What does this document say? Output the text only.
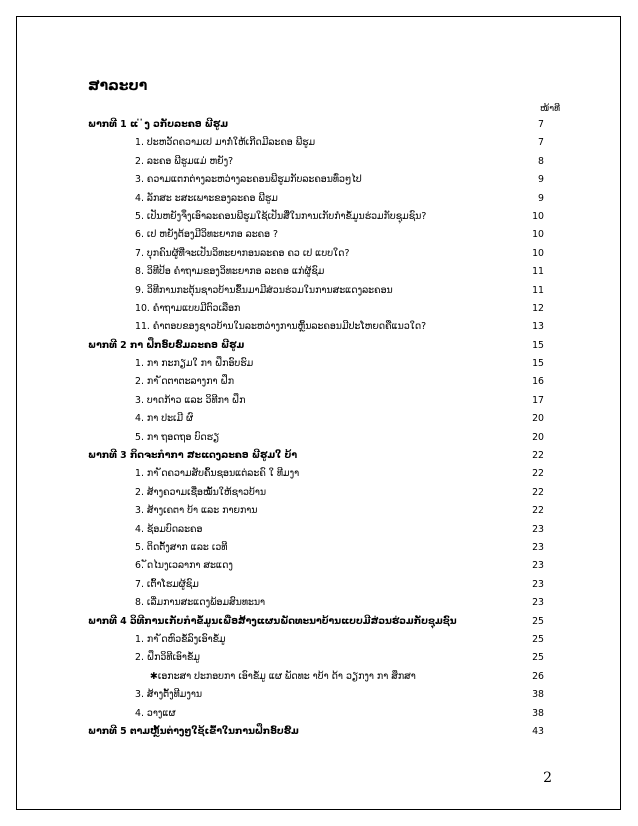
ສາລະບາ
ໜ້າທີ
ພາກທີ 1 ແ ່ ່ງ ວກັບລະຄອ ພີຮູມ	7
1. ປະຫວັດຄວາມເປ ມາກໍ່ໃຫ້ເກີດມີລະຄອ ພີຮູມ	7
2. ລະຄອ ພີຮູມແມ່ ຫຍັງ?	8
3. ຄວາມແຕກຕ່າງລະຫວ່າງລະຄອນພີຮູມກັບລະຄອນທົ່ວໆໄປ	9
4. ລັກສະ ະສະເພາະຂອງລະຄອ ພີຮູມ	9
5. ເປັນຫຍັງຈຶ່ງເອົາລະຄອນພີຮູມໃຊ້ເປັນສື່ໃນການເກັບກຳຂໍ້ມູນຮ່ວມກັບຊຸມຊົນ?	10
6. ເປ ຫຍັງຕ້ອງມີວິທະຍາກອ ລະຄອ ?	10
7. ບຸກຄົນຜູ້ທີ່ຈະເປັນວິທະຍາກອນລະຄອ ຄວ ເປ ແບບໃດ?	10
8. ວິທີປ້ອ ຄຳຖາມຂອງວິທະຍາກອ ລະຄອ ແກ່ຜູ້ຊົມ	11
9. ວິທີການກະຕຸ້ນຊາວບ້ານຂຶ້ນມາມີສ່ວນຮ່ວມໃນການສະແດງລະຄອນ	11
10. ຄຳຖາມແບບມີຕົວເລືອກ	12
11. ຄຳຕອບຂອງຊາວບ້ານໃນລະຫວ່າງການຫຼິ້ນລະຄອນມີປະໂຫຍດຄືແນວໃດ?	13
ພາກທີ 2 ກາ ຝຶກອົບຮົມລະຄອ ພີຮູມ	15
1. ກາ ກະກຽມໃ ກາ ຝຶກອົບຮົມ	15
2. ກາ ັດຕາຕະລາງກາ ຝຶກ	16
3. ບາດກ້າວ ແລະ ວິທີກາ ຝຶກ	17
4. ກາ ປະເມີ ຜົ	20
5. ກາ ຖອດຖອ ບົດຮຽ	20
ພາກທີ 3 ກິດຈະກຳກາ ສະແດງລະຄອ ພີຮູມໃ ບ້າ	22
1. ກາ ັດຄວາມສັບຄົ້ນຊອນແຕ່ລະຄົ ໃ ທີມງາ	22
2. ສ້າງຄວາມເຊື່ອໝັ້ນໃຫ້ຊາວບ້ານ	22
3. ສ້າງເຄຕາ ບ້າ ແລະ ກາຍການ	22
4. ຊ້ອມບົດລະຄອ	23
5. ຕິດຕັ້ງສາກ ແລະ ເວທີ	23
6. ັດໄນງເວລາກາ ສະແດງ	23
7. ເຕົ້າໂຮມຜູ້ຊົມ	23
8. ເລີ່ມການສະແດງພ້ອມສົນທະນາ	23
ພາກທີ 4 ວິທີການເກັບກຳຂໍ້ມູນເພື່ອສ້າງແຜນພັດທະນາບ້ານແບບມີສ່ວນຮ່ວມກັບຊຸມຊົນ	25
1. ກາ ັດຫົວຂໍ້ລົງເອົາຂໍ້ມູ	25
2. ຝຶກວິທີເອົາຂໍ້ມູ	25
✱ເອກະສາ ປະກອບກາ ເອົາຂໍ້ມູ ແຜ ພັດທະ າບ້າ ດ້າ ວຽກງາ ກາ ສຶກສາ	26
3. ສ້າງຕັ້ງທີມງານ	38
4. ວາງແຜ	38
ພາກທີ 5 ຕາມຫຼັ້ນຕ່າງໆໃຊ້ເຂົ້າໃນການຝຶກອົບຮົມ	43
2
